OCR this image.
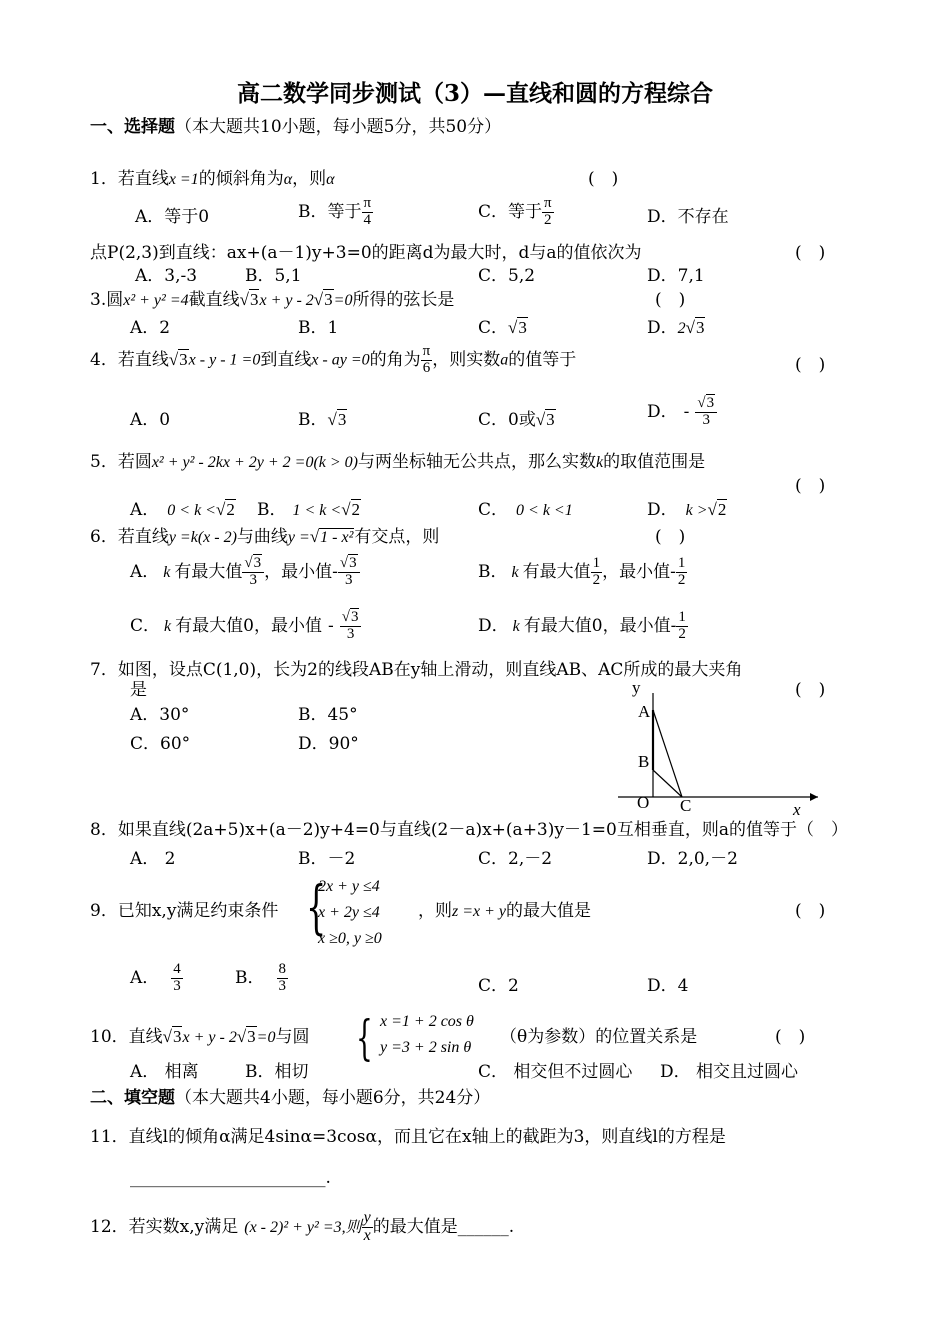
高二数学同步测试（3）—直线和圆的方程综合
一、选择题（本大题共10小题，每小题5分，共50分）
1．若直线x =1的倾斜角为α，则α	(　)
A．等于0	B．等于 $\frac{\pi}{4}$	C．等于 $\frac{\pi}{2}$	D．不存在
点P(2,3)到直线：ax+(a－1)y+3=0的距离d为最大时，d与a的值依次为	(　)
A．3,-3	B．5,1	C．5,2	D．7,1
3.圆x² + y² =4截直线√3x + y - 2√3=0所得的弦长是	(　)
A．2	B．1	C．√3	D．2√3
4．若直线√3x - y - 1 =0到直线x - ay =0的角为 $\frac{\pi}{6}$ ，则实数a的值等于	(　)
A．0	B．√3	C．0或√3	D． - $\frac{√3}{3}$
5．若圆x² + y² - 2kx + 2y + 2 =0(k > 0)与两坐标轴无公共点，那么实数k的取值范围是
(　)
A． 0 < k <√2 B． 1 < k <√2	C． 0 < k <1	D． k >√2
6．若直线y =k(x - 2)与曲线y =√1 - x²有交点，则	(　)
A． k 有最大值 $\frac{√3}{3}$ ，最小值- $\frac{√3}{3}$	B． k 有最大值 $\frac{1}{2}$ ，最小值- $\frac{1}{2}$
C． k 有最大值0，最小值 - $\frac{√3}{3}$	D． k 有最大值0，最小值- $\frac{1}{2}$
7．如图，设点C(1,0)，长为2的线段AB在y轴上滑动，则直线AB、AC所成的最大夹角
是	(　)
A．30°	B．45°
C．60°	D．90°
y
A
B
O C	x
8．如果直线(2a+5)x+(a－2)y+4=0与直线(2－a)x+(a+3)y－1=0互相垂直，则a的值等于（　）
A． 2	B．－2	C．2,－2	D．2,0,－2
9．已知x,y满足约束条件 {
2x + y ≤4
x + 2y ≤4
x ≥0, y ≥0
，则z =x + y的最大值是	(　)
A． $\frac{4}{3}$	B． $\frac{8}{3}$	C．2	D．4
10．直线√3x + y - 2√3=0与圆 { x =1 + 2 cos θ
y =3 + 2 sin θ
（θ为参数）的位置关系是	(　)
A． 相离	B．相切	C． 相交但不过圆心 D． 相交且过圆心
二、填空题（本大题共4小题，每小题6分，共24分）
11．直线l的倾角α满足4sinα=3cosα，而且它在x轴上的截距为3，则直线l的方程是
_______________________.
12．若实数x,y满足 (x - 2)² + y² =3,则 $\frac{y}{x}$ 的最大值是______.
